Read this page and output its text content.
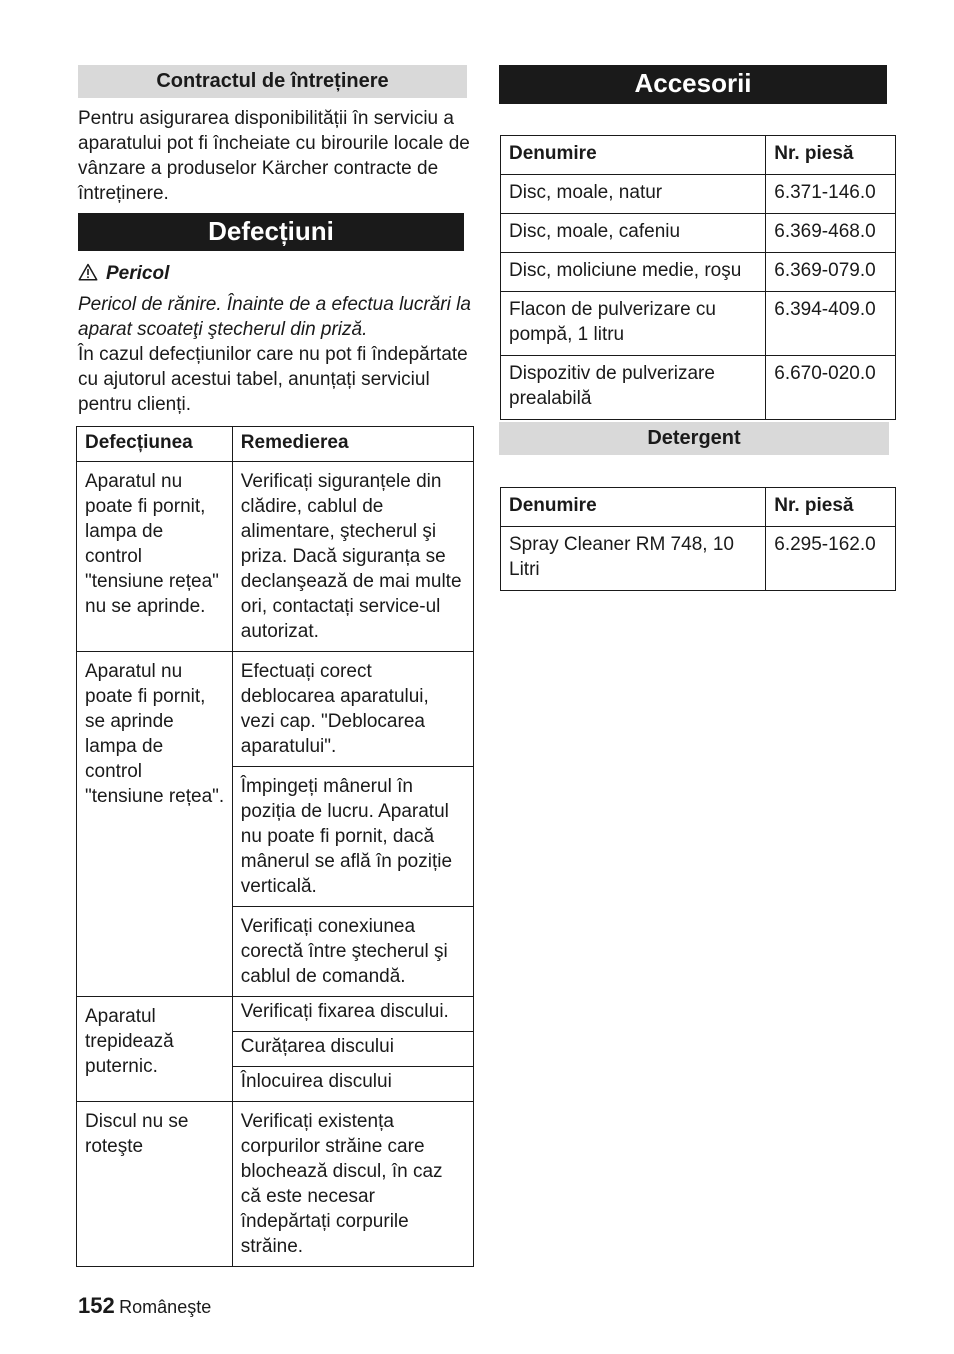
Contractul de întreținere

Pentru asigurarea disponibilității în serviciu a aparatului pot fi încheiate cu birourile locale de vânzare a produselor Kärcher contracte de întreținere.

Defecțiuni

Pericol

Pericol de rănire. Înainte de a efectua lucrări la aparat scoateţi ştecherul din priză.

În cazul defecțiunilor care nu pot fi îndepărtate cu ajutorul acestui tabel, anunțați serviciul pentru clienți.

Defecțiunea	Remedierea
Aparatul nu poate fi pornit, lampa de control "tensiune rețea" nu se aprinde.	Verificați siguranțele din clădire, cablul de alimentare, ştecherul şi priza. Dacă siguranța se declanşează de mai multe ori, contactați service-ul autorizat.
Aparatul nu poate fi pornit, se aprinde lampa de control "tensiune rețea".	Efectuați corect deblocarea aparatului, vezi cap. "Deblocarea aparatului".
	Împingeți mânerul în poziția de lucru. Aparatul nu poate fi pornit, dacă mânerul se află în poziție verticală.
	Verificați conexiunea corectă între ştecherul şi cablul de comandă.
Aparatul trepidează puternic.	Verificați fixarea discului.
	Curățarea discului
	Înlocuirea discului
Discul nu se roteşte	Verificați existența corpurilor străine care blochează discul, în caz că este necesar îndepărtați corpurile străine.
Accesorii
Denumire	Nr. piesă
Disc, moale, natur	6.371-146.0
Disc, moale, cafeniu	6.369-468.0
Disc, moliciune medie, roşu	6.369-079.0
Flacon de pulverizare cu pompă, 1 litru	6.394-409.0
Dispozitiv de pulverizare prealabilă	6.670-020.0
Detergent
Denumire	Nr. piesă
Spray Cleaner RM 748, 10 Litri	6.295-162.0
152 Româneşte
